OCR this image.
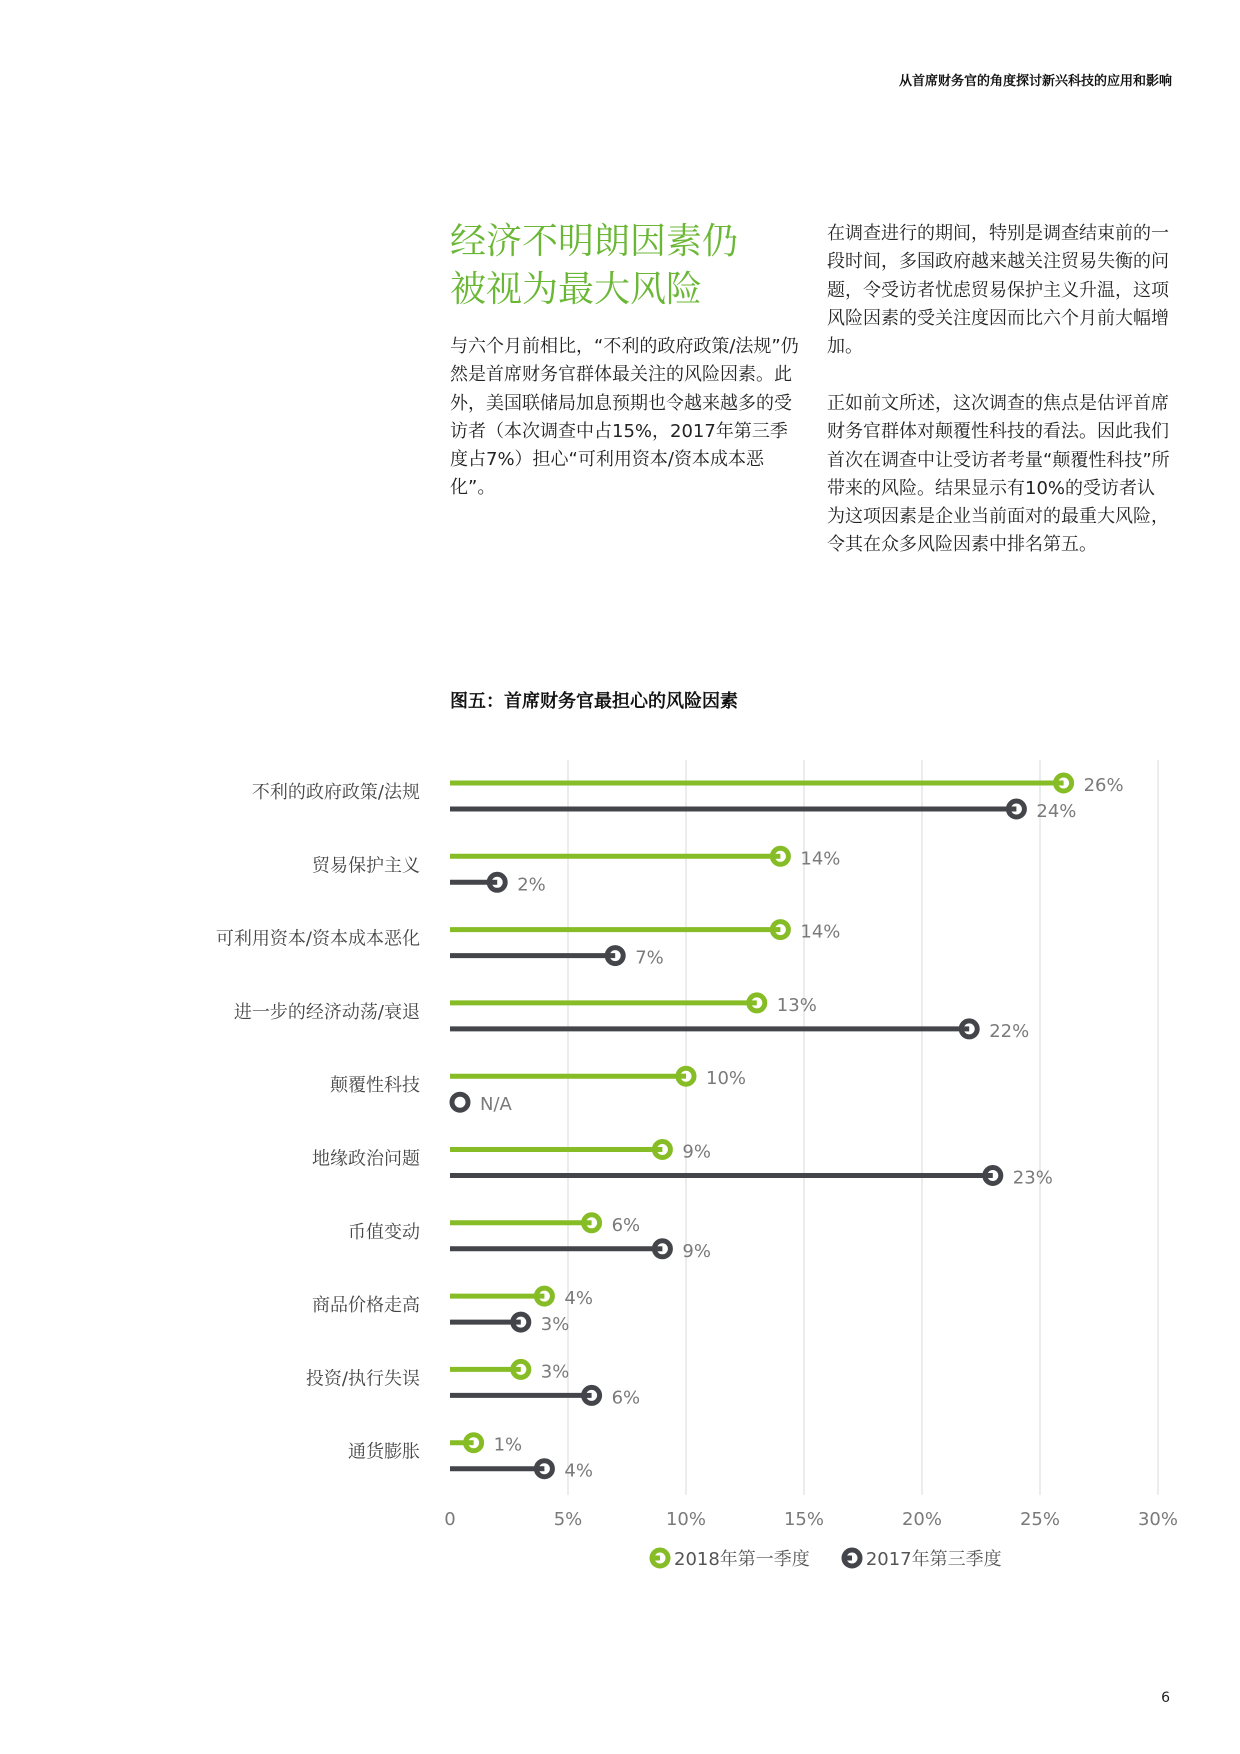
从首席财务官的角度探讨新兴科技的应用和影响
经济不明朗因素仍
被视为最大风险

与六个月前相比，“不利的政府政策/法规”仍然是首席财务官群体最关注的风险因素。此外，美国联储局加息预期也令越来越多的受访者（本次调查中占15%，2017年第三季度占7%）担心“可利用资本/资本成本恶化”。

在调查进行的期间，特别是调查结束前的一段时间，多国政府越来越关注贸易失衡的问题，令受访者忧虑贸易保护主义升温，这项风险因素的受关注度因而比六个月前大幅增加。

正如前文所述，这次调查的焦点是估评首席财务官群体对颠覆性科技的看法。因此我们首次在调查中让受访者考量“颠覆性科技”所带来的风险。结果显示有10%的受访者认为这项因素是企业当前面对的最重大风险，令其在众多风险因素中排名第五。

图五：首席财务官最担心的风险因素
0	5%	10%	15%	20%	25%	30%
不利的政府政策/法规	26%
24%
贸易保护主义	14%
2%
可利用资本/资本成本恶化	14%
7%
进一步的经济动荡/衰退	13%
22%
颠覆性科技	10%
N/A
地缘政治问题	9%
23%
币值变动	6%
9%
商品价格走高	4%
3%
投资/执行失误	3%
6%
通货膨胀	1%
4%
2018年第一季度	2017年第三季度
6
